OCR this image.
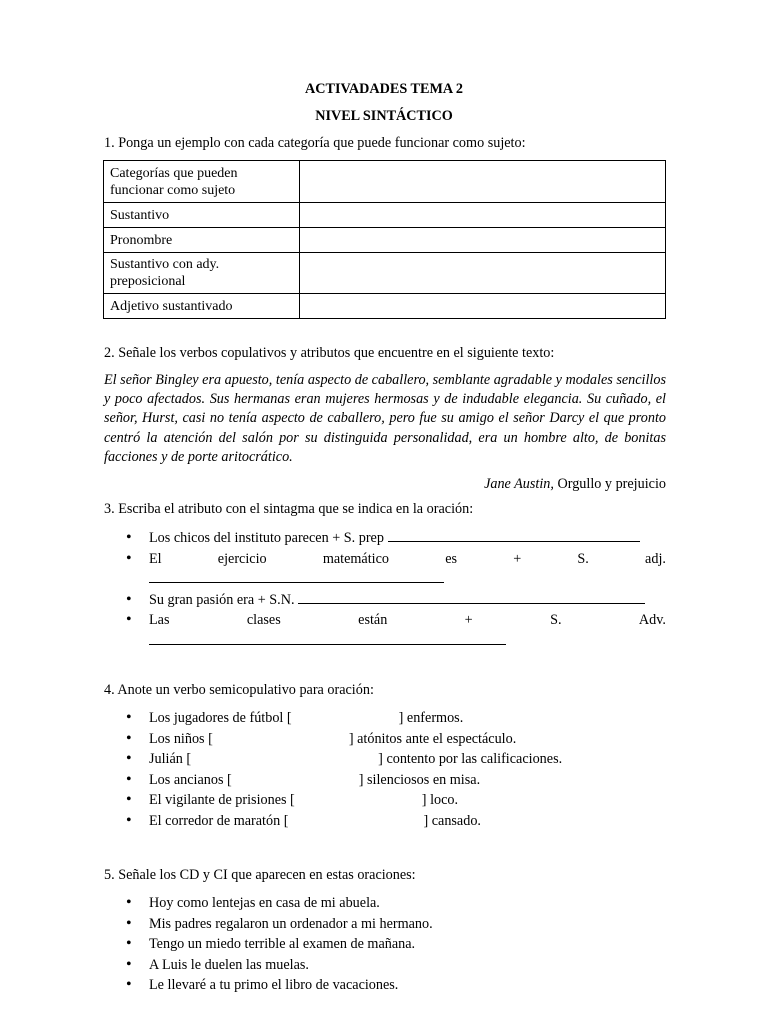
ACTIVADADES TEMA 2
NIVEL SINTÁCTICO
1. Ponga un ejemplo con cada categoría que puede funcionar como sujeto:
Categorías que pueden funcionar como sujeto	
Sustantivo	
Pronombre	
Sustantivo con ady. preposicional	
Adjetivo sustantivado	
2. Señale los verbos copulativos y atributos que encuentre en el siguiente texto:
El señor Bingley era apuesto, tenía aspecto de caballero, semblante agradable y modales sencillos y poco afectados. Sus hermanas eran mujeres hermosas y de indudable elegancia. Su cuñado, el señor, Hurst, casi no tenía aspecto de caballero, pero fue su amigo el señor Darcy el que pronto centró la atención del salón por su distinguida personalidad, era un hombre alto, de bonitas facciones y de porte aritocrático.
Jane Austin, Orgullo y prejuicio
3. Escriba el atributo con el sintagma que se indica en la oración:
• Los chicos del instituto parecen + S. prep
• El	ejercicio	matemático	es	+	S.	adj.
• Su gran pasión era + S.N.
• Las	clases	están	+	S.	Adv.
4. Anote un verbo semicopulativo para oración:
• Los jugadores de fútbol [	] enfermos.
• Los niños [	] atónitos ante el espectáculo.
• Julián [	] contento por las calificaciones.
• Los ancianos [	] silenciosos en misa.
• El vigilante de prisiones [	] loco.
• El corredor de maratón [	] cansado.
5. Señale los CD y CI que aparecen en estas oraciones:
• Hoy como lentejas en casa de mi abuela.
• Mis padres regalaron un ordenador a mi hermano.
• Tengo un miedo terrible al examen de mañana.
• A Luis le duelen las muelas.
• Le llevaré a tu primo el libro de vacaciones.
